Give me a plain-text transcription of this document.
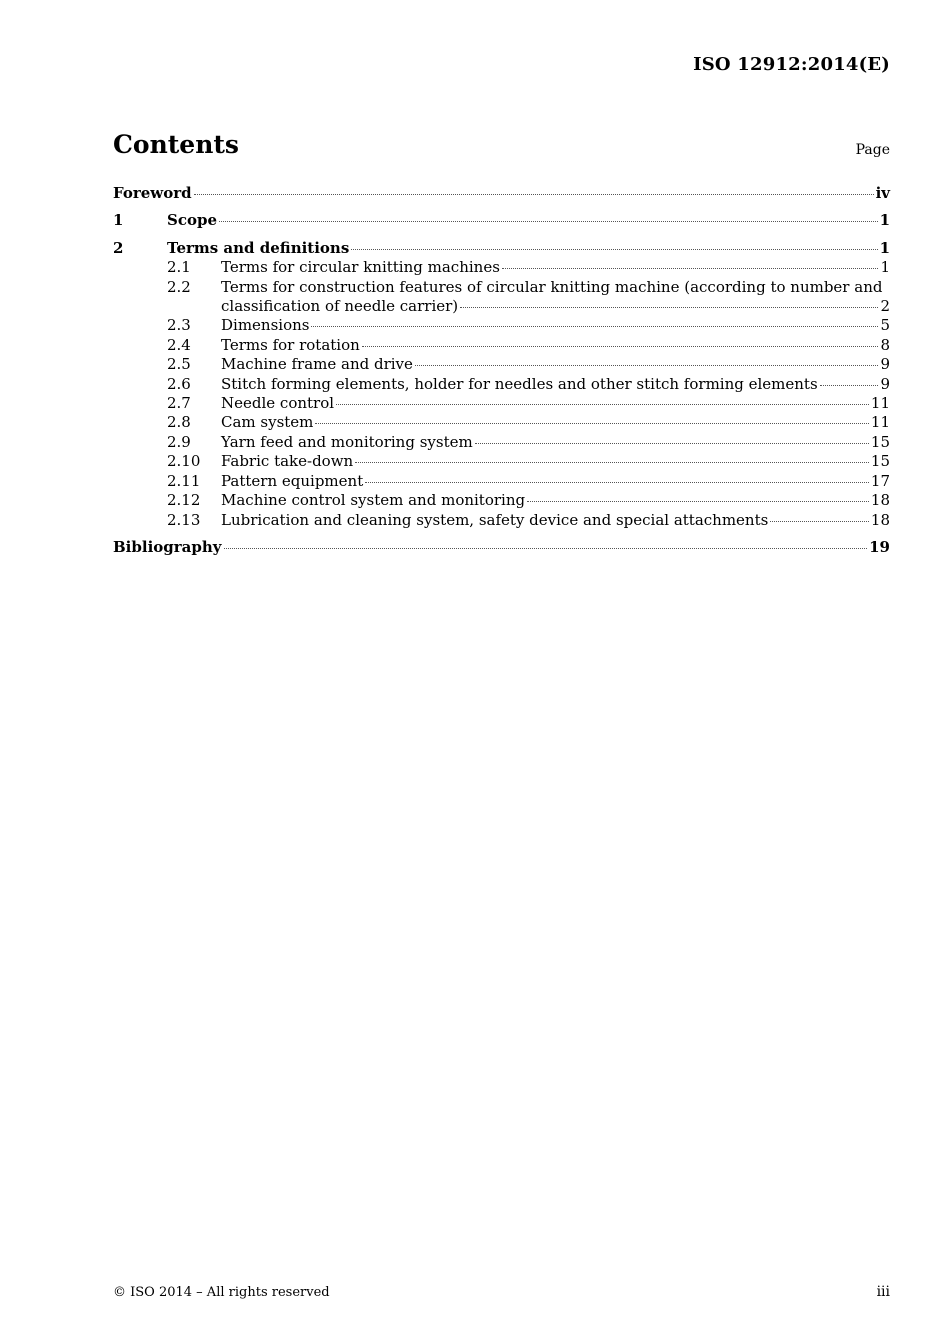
ISO 12912:2014(E)
Contents	Page
Foreword	iv
1	Scope	1
2	Terms and definitions	1
2.1	Terms for circular knitting machines	1
2.2	Terms for construction features of circular knitting machine (according to number and
classification of needle carrier)	2
2.3	Dimensions	5
2.4	Terms for rotation	8
2.5	Machine frame and drive	9
2.6	Stitch forming elements, holder for needles and other stitch forming elements	9
2.7	Needle control	11
2.8	Cam system	11
2.9	Yarn feed and monitoring system	15
2.10	Fabric take-down	15
2.11	Pattern equipment	17
2.12	Machine control system and monitoring	18
2.13	Lubrication and cleaning system, safety device and special attachments	18
Bibliography	19
© ISO 2014 – All rights reserved	iii
